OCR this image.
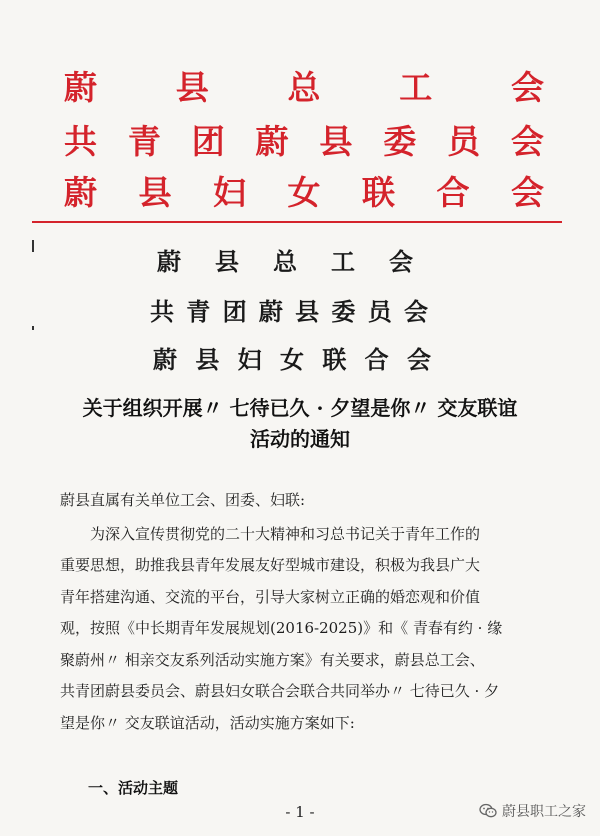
蔚 县 总 工 会
共 青 团 蔚 县 委 员 会
蔚 县 妇 女 联 合 会
蔚 县 总 工 会
共 青 团 蔚 县 委 员 会
蔚 县 妇 女 联 合 会
关于组织开展〃 七待已久 · 夕望是你〃 交友联谊
活动的通知
蔚县直属有关单位工会、团委、妇联:
为深入宣传贯彻党的二十大精神和习总书记关于青年工作的
重要思想，助推我县青年发展友好型城市建设，积极为我县广大
青年搭建沟通、交流的平台，引导大家树立正确的婚恋观和价值
观，按照《中长期青年发展规划(2016-2025)》和《 青春有约 · 缘
聚蔚州〃 相亲交友系列活动实施方案》有关要求，蔚县总工会、
共青团蔚县委员会、蔚县妇女联合会联合共同举办〃 七待已久 · 夕
望是你〃 交友联谊活动，活动实施方案如下:
一、活动主题
- 1 -	蔚县职工之家
